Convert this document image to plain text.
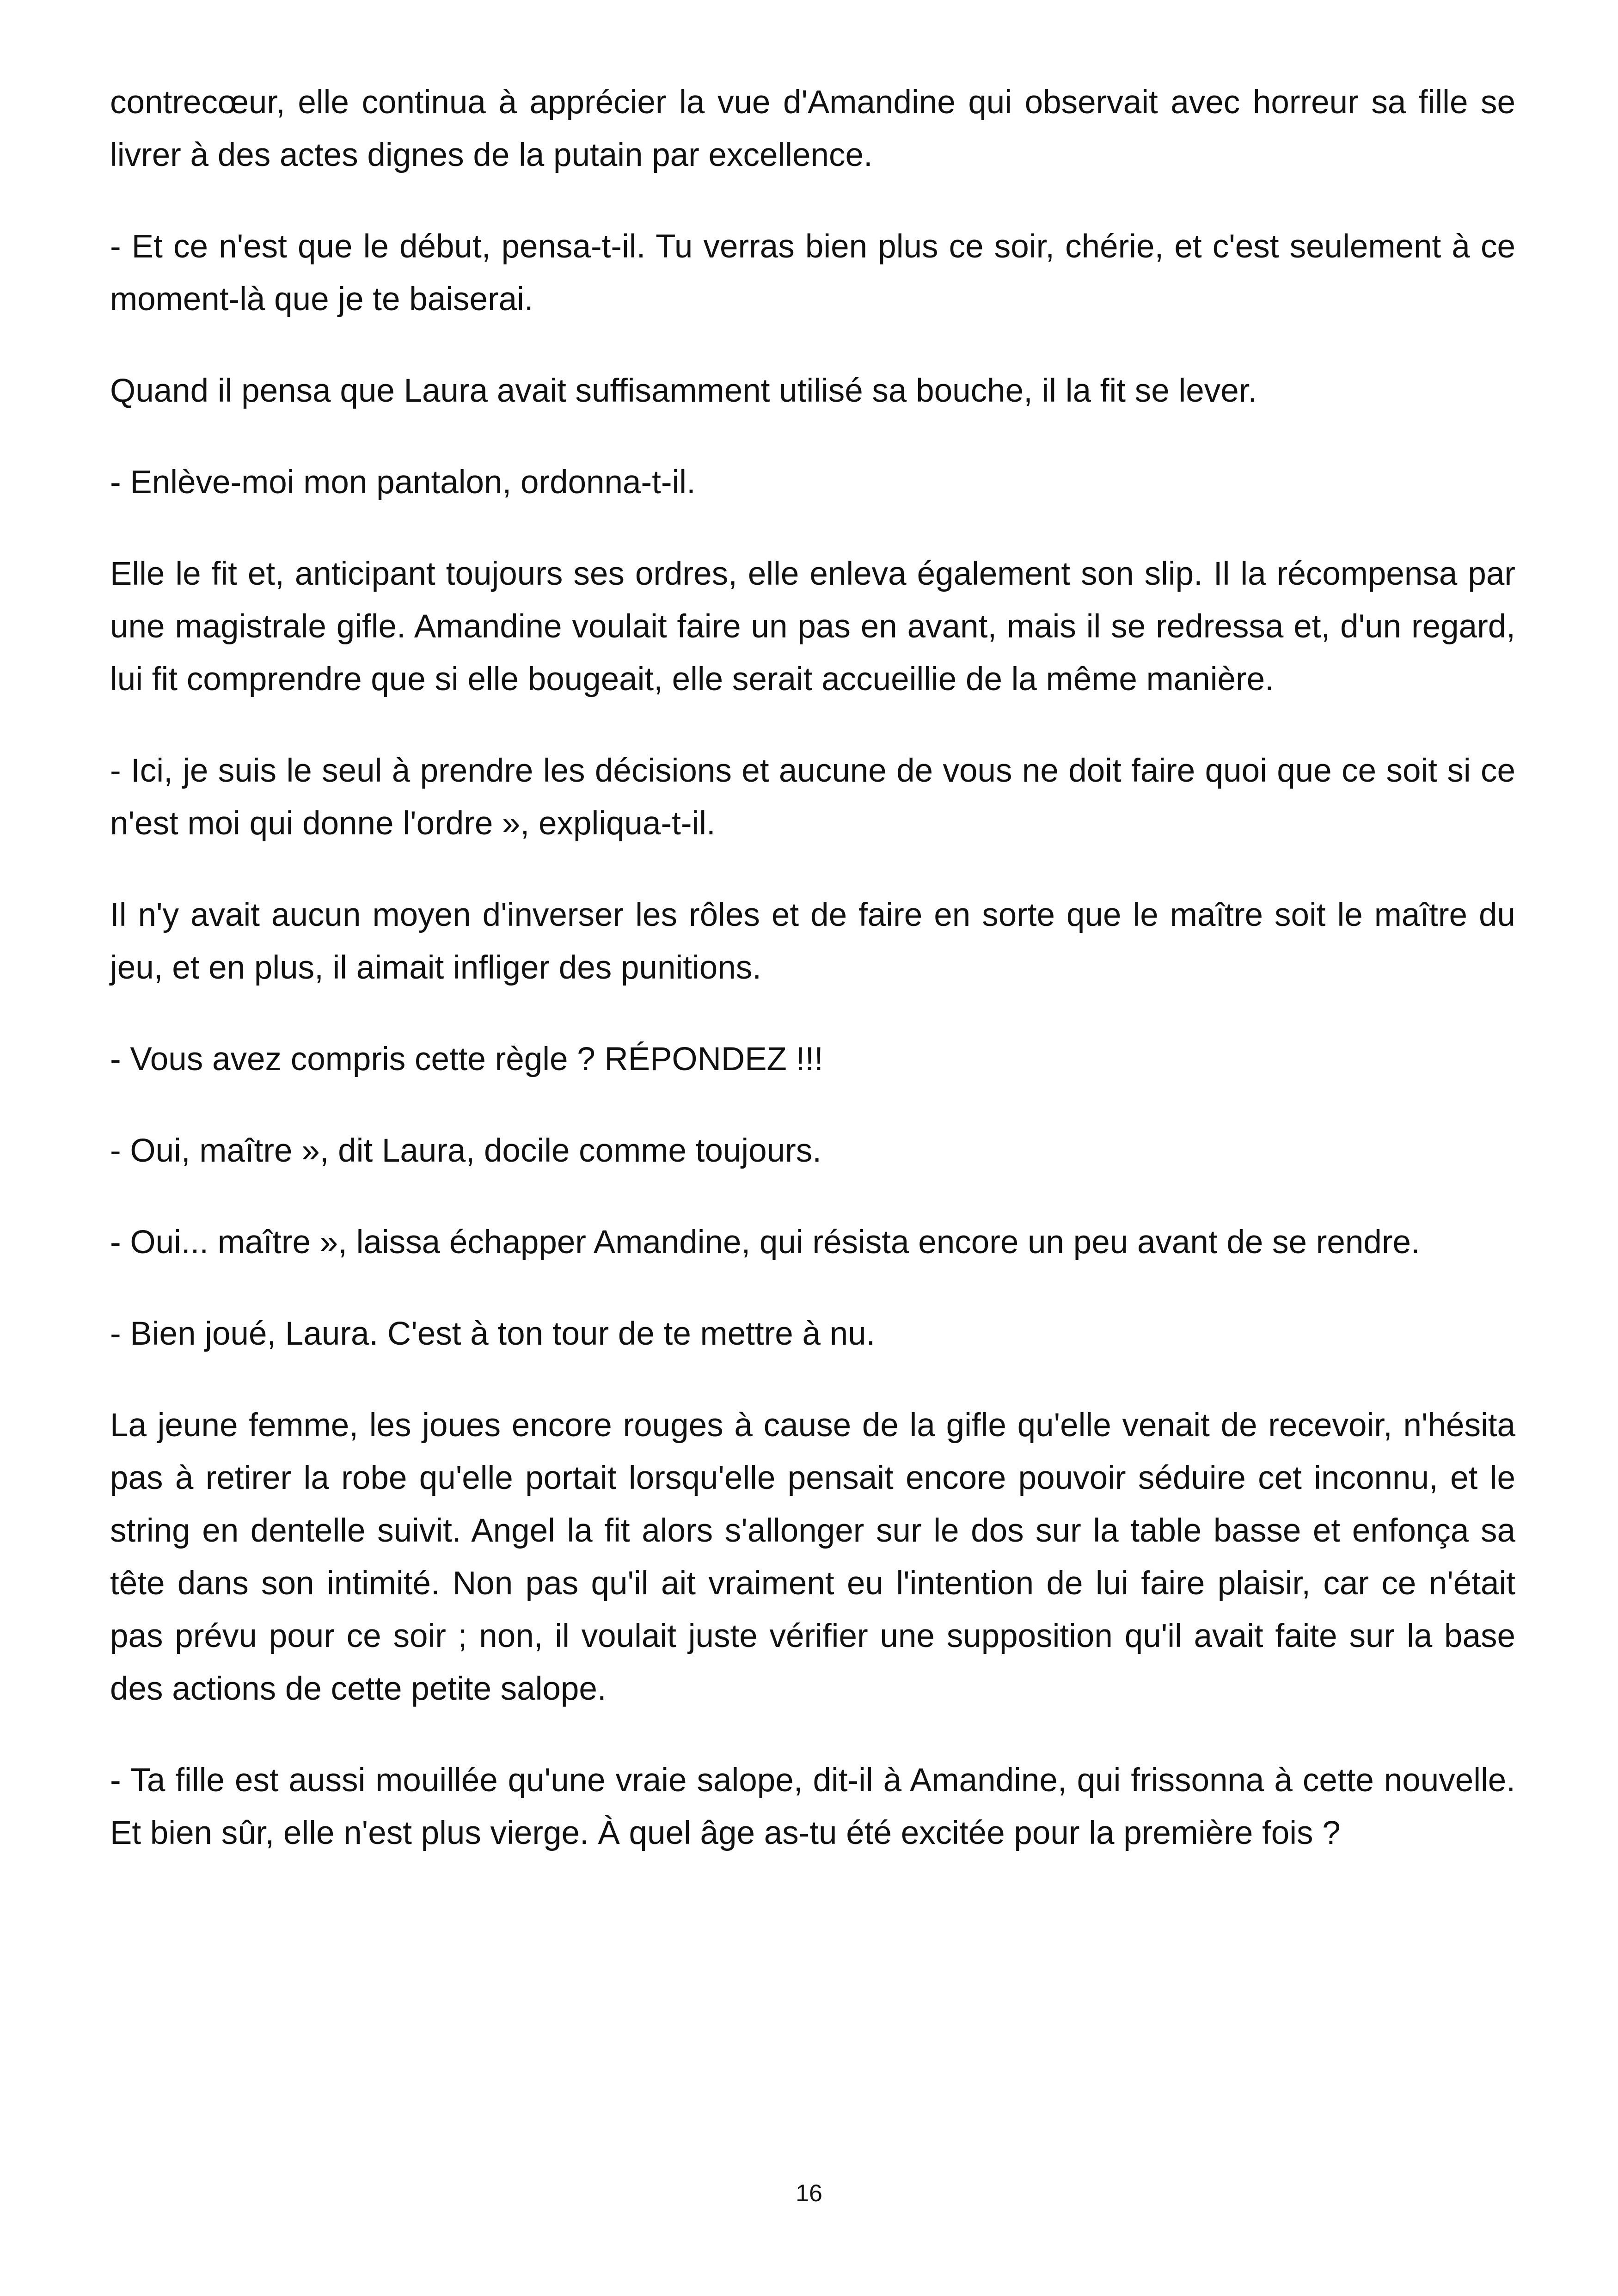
contrecœur, elle continua à apprécier la vue d'Amandine qui observait avec horreur sa fille se livrer à des actes dignes de la putain par excellence.

- Et ce n'est que le début, pensa-t-il. Tu verras bien plus ce soir, chérie, et c'est seulement à ce moment-là que je te baiserai.

Quand il pensa que Laura avait suffisamment utilisé sa bouche, il la fit se lever.

- Enlève-moi mon pantalon, ordonna-t-il.

Elle le fit et, anticipant toujours ses ordres, elle enleva également son slip. Il la récompensa par une magistrale gifle. Amandine voulait faire un pas en avant, mais il se redressa et, d'un regard, lui fit comprendre que si elle bougeait, elle serait accueillie de la même manière.

- Ici, je suis le seul à prendre les décisions et aucune de vous ne doit faire quoi que ce soit si ce n'est moi qui donne l'ordre », expliqua-t-il.

Il n'y avait aucun moyen d'inverser les rôles et de faire en sorte que le maître soit le maître du jeu, et en plus, il aimait infliger des punitions.

- Vous avez compris cette règle ? RÉPONDEZ !!!

- Oui, maître », dit Laura, docile comme toujours.

- Oui... maître », laissa échapper Amandine, qui résista encore un peu avant de se rendre.

- Bien joué, Laura. C'est à ton tour de te mettre à nu.

La jeune femme, les joues encore rouges à cause de la gifle qu'elle venait de recevoir, n'hésita pas à retirer la robe qu'elle portait lorsqu'elle pensait encore pouvoir séduire cet inconnu, et le string en dentelle suivit. Angel la fit alors s'allonger sur le dos sur la table basse et enfonça sa tête dans son intimité. Non pas qu'il ait vraiment eu l'intention de lui faire plaisir, car ce n'était pas prévu pour ce soir ; non, il voulait juste vérifier une supposition qu'il avait faite sur la base des actions de cette petite salope.

- Ta fille est aussi mouillée qu'une vraie salope, dit-il à Amandine, qui frissonna à cette nouvelle. Et bien sûr, elle n'est plus vierge. À quel âge as-tu été excitée pour la première fois ?

16
